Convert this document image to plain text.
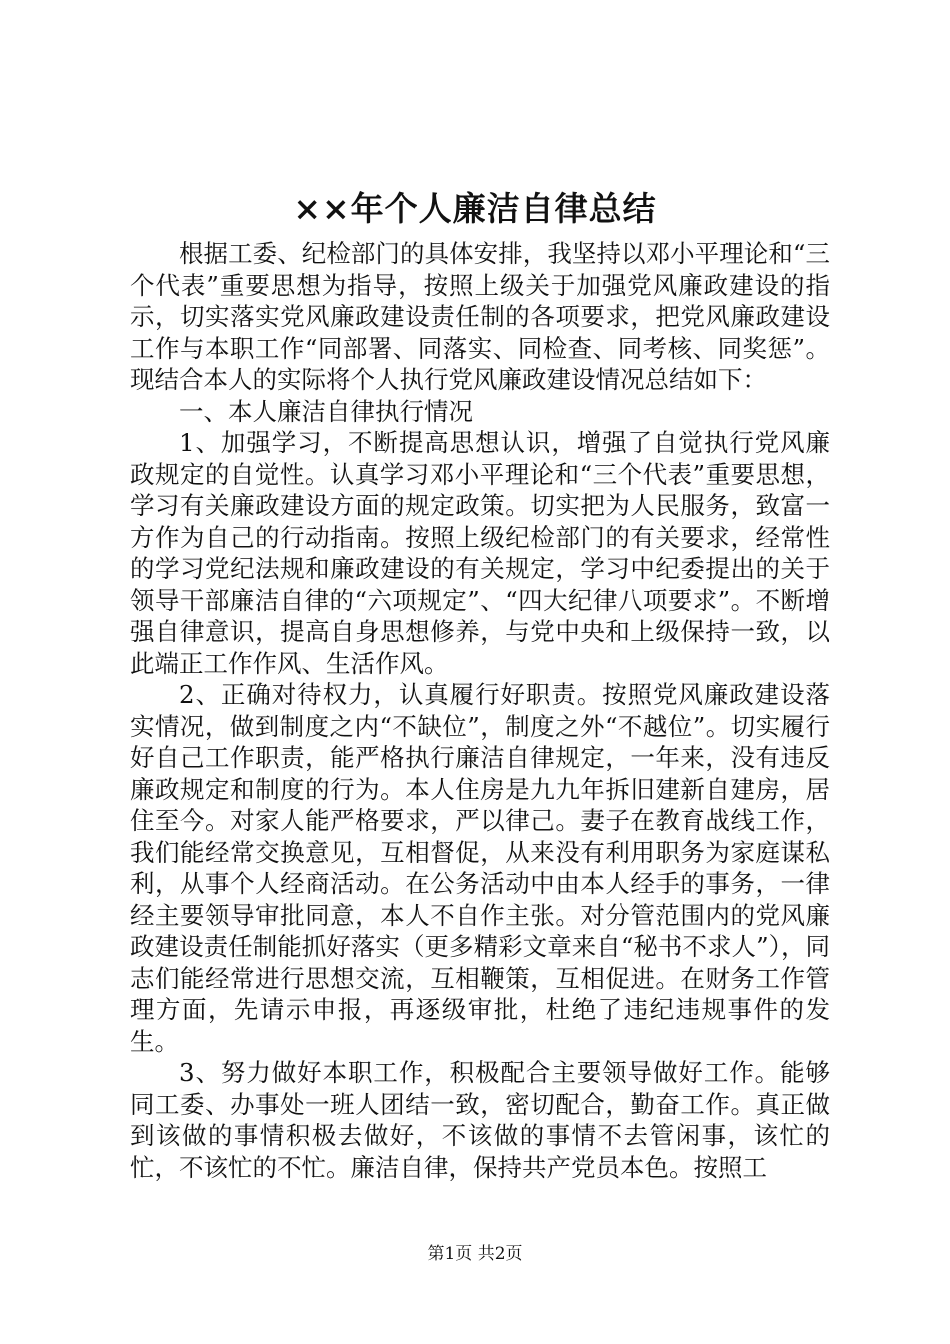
××年个人廉洁自律总结

根据工委、纪检部门的具体安排，我坚持以邓小平理论和“三个代表”重要思想为指导，按照上级关于加强党风廉政建设的指示，切实落实党风廉政建设责任制的各项要求，把党风廉政建设工作与本职工作“同部署、同落实、同检查、同考核、同奖惩”。现结合本人的实际将个人执行党风廉政建设情况总结如下：

一、本人廉洁自律执行情况

1、加强学习，不断提高思想认识，增强了自觉执行党风廉政规定的自觉性。认真学习邓小平理论和“三个代表”重要思想，学习有关廉政建设方面的规定政策。切实把为人民服务，致富一方作为自己的行动指南。按照上级纪检部门的有关要求，经常性的学习党纪法规和廉政建设的有关规定，学习中纪委提出的关于领导干部廉洁自律的“六项规定”、“四大纪律八项要求”。不断增强自律意识，提高自身思想修养，与党中央和上级保持一致，以此端正工作作风、生活作风。

2、正确对待权力，认真履行好职责。按照党风廉政建设落实情况，做到制度之内“不缺位”，制度之外“不越位”。切实履行好自己工作职责，能严格执行廉洁自律规定，一年来，没有违反廉政规定和制度的行为。本人住房是九九年拆旧建新自建房，居住至今。对家人能严格要求，严以律己。妻子在教育战线工作，我们能经常交换意见，互相督促，从来没有利用职务为家庭谋私利，从事个人经商活动。在公务活动中由本人经手的事务，一律经主要领导审批同意，本人不自作主张。对分管范围内的党风廉政建设责任制能抓好落实（更多精彩文章来自“秘书不求人”），同志们能经常进行思想交流，互相鞭策，互相促进。在财务工作管理方面，先请示申报，再逐级审批，杜绝了违纪违规事件的发生。

3、努力做好本职工作，积极配合主要领导做好工作。能够同工委、办事处一班人团结一致，密切配合，勤奋工作。真正做到该做的事情积极去做好，不该做的事情不去管闲事，该忙的忙，不该忙的不忙。廉洁自律，保持共产党员本色。按照工

第1页 共2页
